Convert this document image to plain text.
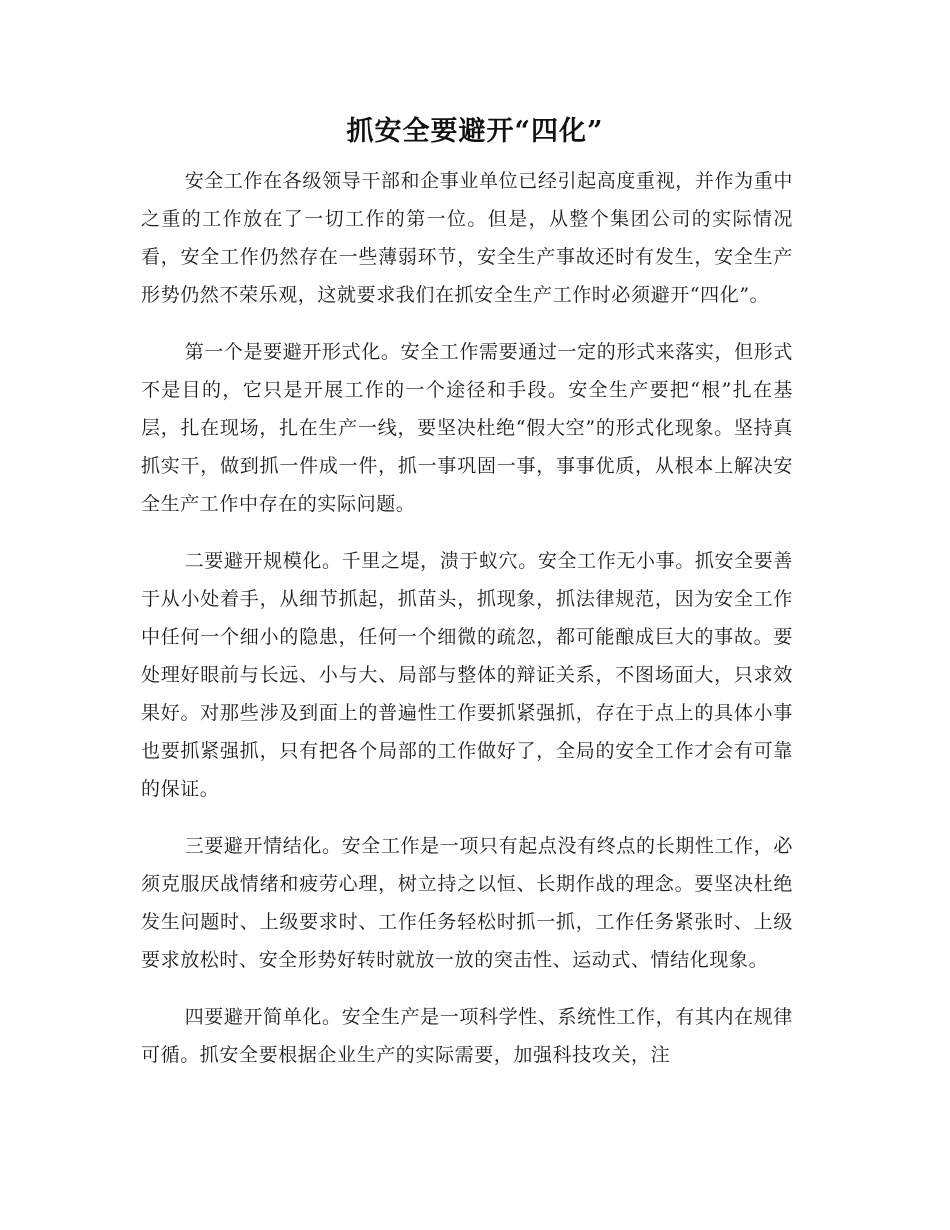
抓安全要避开“四化”

安全工作在各级领导干部和企事业单位已经引起高度重视，并作为重中之重的工作放在了一切工作的第一位。但是，从整个集团公司的实际情况看，安全工作仍然存在一些薄弱环节，安全生产事故还时有发生，安全生产形势仍然不荣乐观，这就要求我们在抓安全生产工作时必须避开“四化”。

第一个是要避开形式化。安全工作需要通过一定的形式来落实，但形式不是目的，它只是开展工作的一个途径和手段。安全生产要把“根”扎在基层，扎在现场，扎在生产一线，要坚决杜绝“假大空”的形式化现象。坚持真抓实干，做到抓一件成一件，抓一事巩固一事，事事优质，从根本上解决安全生产工作中存在的实际问题。

二要避开规模化。千里之堤，溃于蚁穴。安全工作无小事。抓安全要善于从小处着手，从细节抓起，抓苗头，抓现象，抓法律规范，因为安全工作中任何一个细小的隐患，任何一个细微的疏忽，都可能酿成巨大的事故。要处理好眼前与长远、小与大、局部与整体的辩证关系，不图场面大，只求效果好。对那些涉及到面上的普遍性工作要抓紧强抓，存在于点上的具体小事也要抓紧强抓，只有把各个局部的工作做好了，全局的安全工作才会有可靠的保证。

三要避开情结化。安全工作是一项只有起点没有终点的长期性工作，必须克服厌战情绪和疲劳心理，树立持之以恒、长期作战的理念。要坚决杜绝发生问题时、上级要求时、工作任务轻松时抓一抓，工作任务紧张时、上级要求放松时、安全形势好转时就放一放的突击性、运动式、情结化现象。

四要避开简单化。安全生产是一项科学性、系统性工作，有其内在规律可循。抓安全要根据企业生产的实际需要，加强科技攻关，注
